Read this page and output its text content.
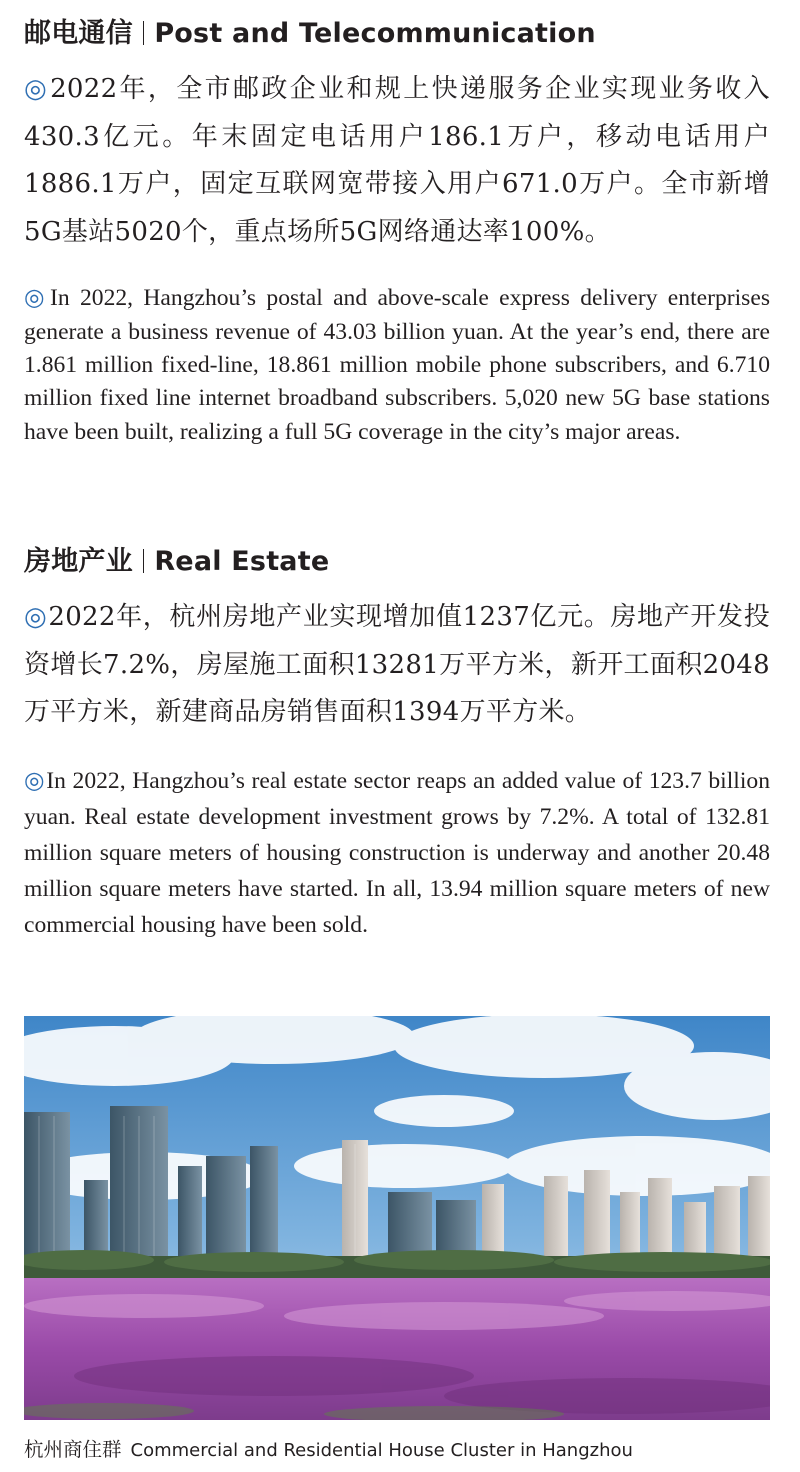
邮电通信 Post and Telecommunication

◎2022年，全市邮政企业和规上快递服务企业实现业务收入430.3亿元。年末固定电话用户186.1万户，移动电话用户1886.1万户，固定互联网宽带接入用户671.0万户。全市新增5G基站5020个，重点场所5G网络通达率100%。

◎In 2022, Hangzhou’s postal and above-scale express delivery enterprises generate a business revenue of 43.03 billion yuan. At the year’s end, there are 1.861 million fixed-line, 18.861 million mobile phone subscribers, and 6.710 million fixed line internet broadband subscribers. 5,020 new 5G base stations have been built, realizing a full 5G coverage in the city’s major areas.

房地产业 Real Estate

◎2022年，杭州房地产业实现增加值1237亿元。房地产开发投资增长7.2%，房屋施工面积13281万平方米，新开工面积2048万平方米，新建商品房销售面积1394万平方米。

◎In 2022, Hangzhou’s real estate sector reaps an added value of 123.7 billion yuan. Real estate development investment grows by 7.2%. A total of 132.81 million square meters of housing construction is underway and another 20.48 million square meters have started. In all, 13.94 million square meters of new commercial housing have been sold.

杭州商住群 Commercial and Residential House Cluster in Hangzhou
